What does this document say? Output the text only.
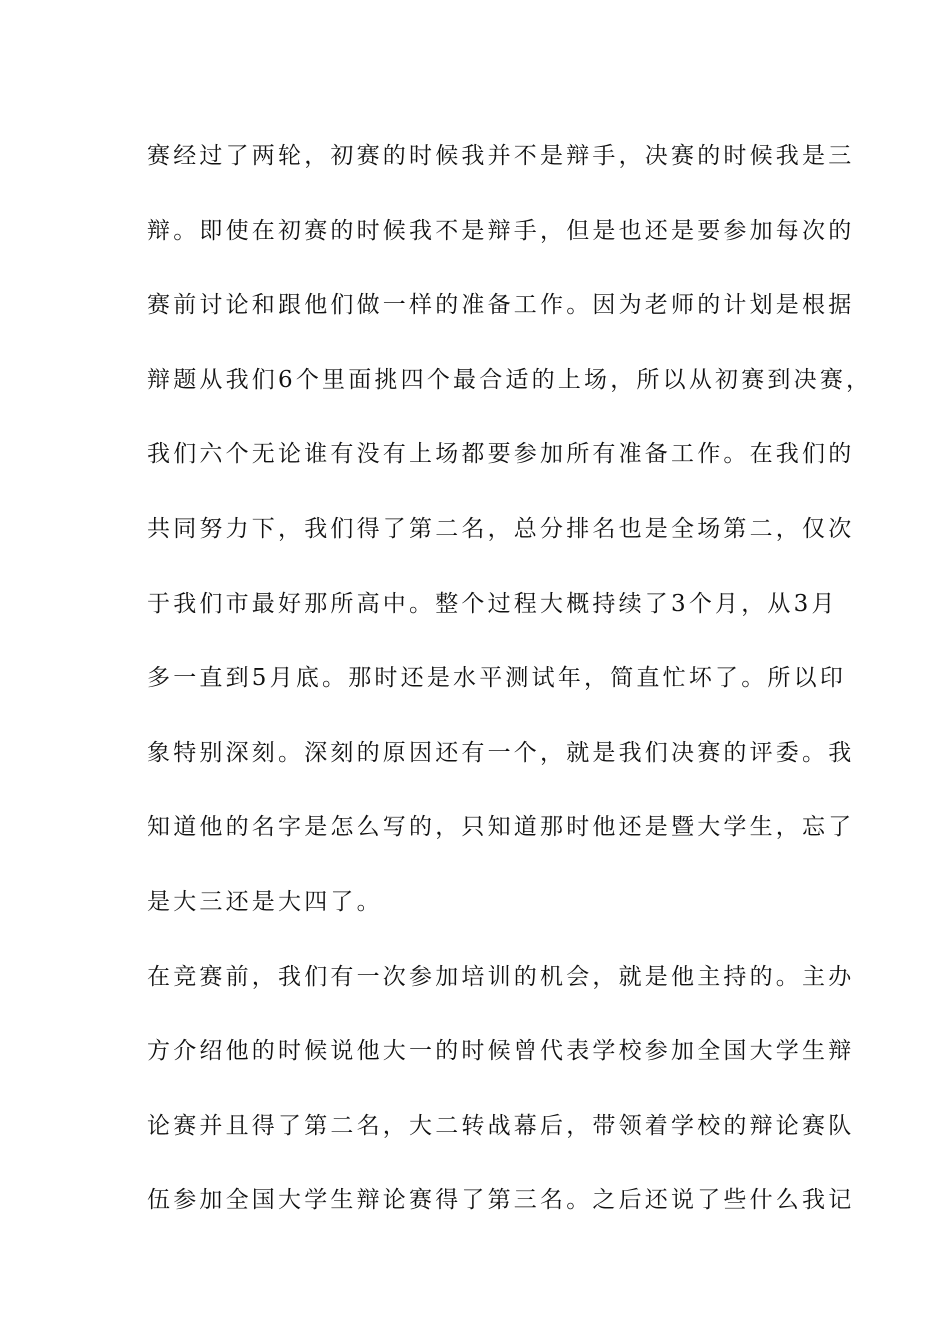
赛经过了两轮，初赛的时候我并不是辩手，决赛的时候我是三
辩。即使在初赛的时候我不是辩手，但是也还是要参加每次的
赛前讨论和跟他们做一样的准备工作。因为老师的计划是根据
辩题从我们6个里面挑四个最合适的上场，所以从初赛到决赛，
我们六个无论谁有没有上场都要参加所有准备工作。在我们的
共同努力下，我们得了第二名，总分排名也是全场第二，仅次
于我们市最好那所高中。整个过程大概持续了3个月，从3月
多一直到5月底。那时还是水平测试年，简直忙坏了。所以印
象特别深刻。深刻的原因还有一个，就是我们决赛的评委。我
知道他的名字是怎么写的，只知道那时他还是暨大学生，忘了
是大三还是大四了。
在竞赛前，我们有一次参加培训的机会，就是他主持的。主办
方介绍他的时候说他大一的时候曾代表学校参加全国大学生辩
论赛并且得了第二名，大二转战幕后，带领着学校的辩论赛队
伍参加全国大学生辩论赛得了第三名。之后还说了些什么我记
